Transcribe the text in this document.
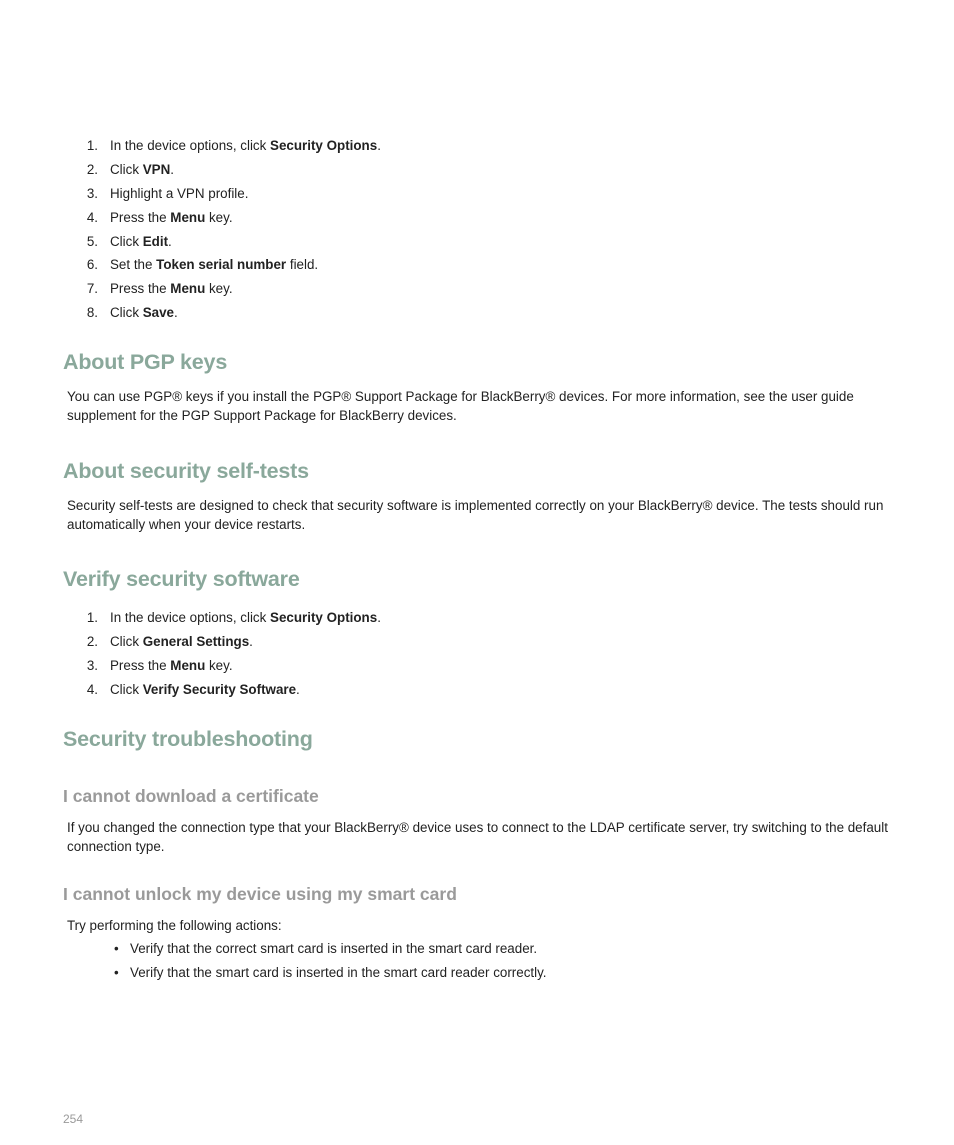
1. In the device options, click Security Options.
2. Click VPN.
3. Highlight a VPN profile.
4. Press the Menu key.
5. Click Edit.
6. Set the Token serial number field.
7. Press the Menu key.
8. Click Save.
About PGP keys

You can use PGP® keys if you install the PGP® Support Package for BlackBerry® devices. For more information, see the user guide supplement for the PGP Support Package for BlackBerry devices.

About security self-tests

Security self-tests are designed to check that security software is implemented correctly on your BlackBerry® device. The tests should run automatically when your device restarts.

Verify security software
1. In the device options, click Security Options.
2. Click General Settings.
3. Press the Menu key.
4. Click Verify Security Software.
Security troubleshooting
I cannot download a certificate

If you changed the connection type that your BlackBerry® device uses to connect to the LDAP certificate server, try switching to the default connection type.

I cannot unlock my device using my smart card

Try performing the following actions:

• Verify that the correct smart card is inserted in the smart card reader.
• Verify that the smart card is inserted in the smart card reader correctly.
254
